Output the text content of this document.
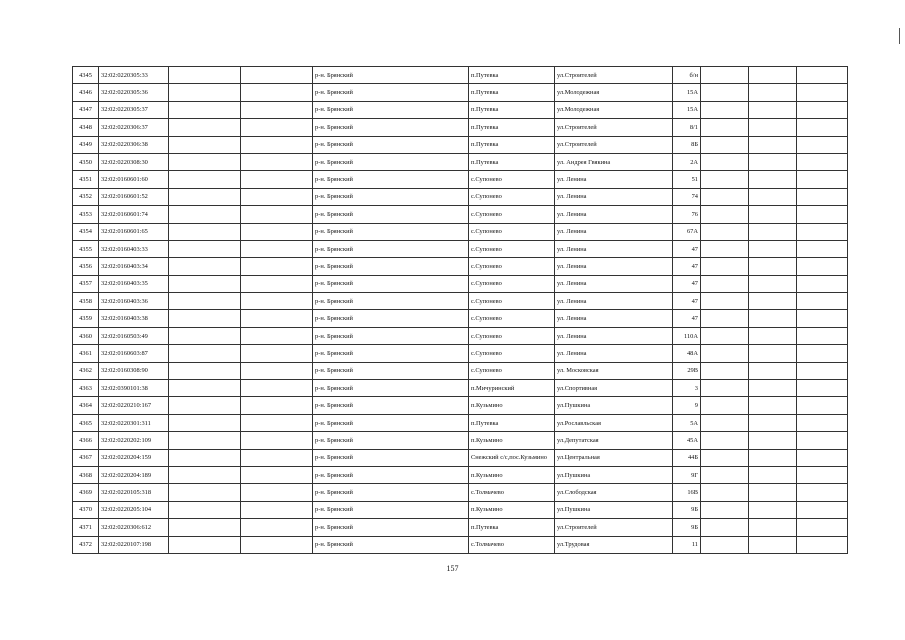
4345	32:02:0220305:33			р-н. Брянский	п.Путевка	ул.Строителей	б/н			
4346	32:02:0220305:36			р-н. Брянский	п.Путевка	ул.Молодежная	15А			
4347	32:02:0220305:37			р-н. Брянский	п.Путевка	ул.Молодежная	15А			
4348	32:02:0220306:37			р-н. Брянский	п.Путевка	ул.Строителей	8/1			
4349	32:02:0220306:38			р-н. Брянский	п.Путевка	ул.Строителей	8Б			
4350	32:02:0220308:30			р-н. Брянский	п.Путевка	ул. Андрея Гвякина	2А			
4351	32:02:0160601:60			р-н. Брянский	с.Супонево	ул. Ленина	51			
4352	32:02:0160601:52			р-н. Брянский	с.Супонево	ул. Ленина	74			
4353	32:02:0160601:74			р-н. Брянский	с.Супонево	ул. Ленина	76			
4354	32:02:0160601:65			р-н. Брянский	с.Супонево	ул. Ленина	67А			
4355	32:02:0160403:33			р-н. Брянский	с.Супонево	ул. Ленина	47			
4356	32:02:0160403:34			р-н. Брянский	с.Супонево	ул. Ленина	47			
4357	32:02:0160403:35			р-н. Брянский	с.Супонево	ул. Ленина	47			
4358	32:02:0160403:36			р-н. Брянский	с.Супонево	ул. Ленина	47			
4359	32:02:0160403:38			р-н. Брянский	с.Супонево	ул. Ленина	47			
4360	32:02:0160503:49			р-н. Брянский	с.Супонево	ул. Ленина	110А			
4361	32:02:0160603:87			р-н. Брянский	с.Супонево	ул. Ленина	48А			
4362	32:02:0160308:90			р-н. Брянский	с.Супонево	ул. Московская	29В			
4363	32:02:0390101:38			р-н. Брянский	п.Мичуринский	ул.Спортивная	3			
4364	32:02:0220210:167			р-н. Брянский	п.Кузьмино	ул.Пушкина	9			
4365	32:02:0220301:311			р-н. Брянский	п.Путевка	ул.Рославльская	5А			
4366	32:02:0220202:109			р-н. Брянский	п.Кузьмино	ул.Депутатская	45А			
4367	32:02:0220204:159			р-н. Брянский	Снежский с/с,пос.Кузьмино	ул.Центральная	44Б			
4368	32:02:0220204:189			р-н. Брянский	п.Кузьмино	ул.Пушкина	9Г			
4369	32:02:0220105:318			р-н. Брянский	с.Толмачево	ул.Слободская	16В			
4370	32:02:0220205:104			р-н. Брянский	п.Кузьмино	ул.Пушкина	9Б			
4371	32:02:0220306:612			р-н. Брянский	п.Путевка	ул.Строителей	9Б			
4372	32:02:0220107:198			р-н. Брянский	с.Толмачево	ул.Трудовая	11			
157
